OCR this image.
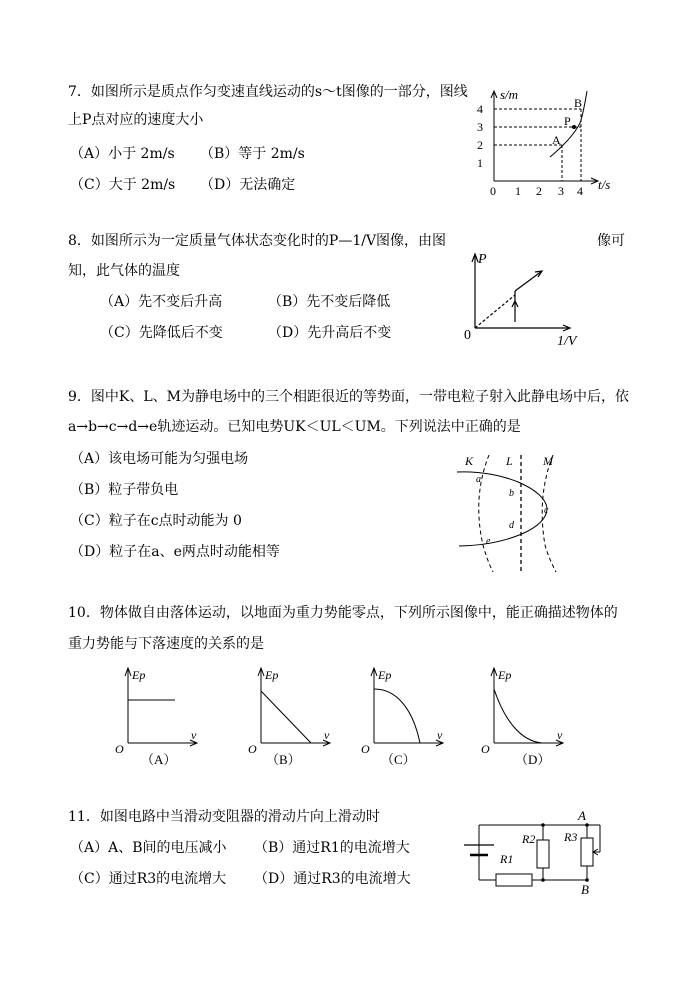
7．如图所示是质点作匀变速直线运动的s～t图像的一部分，图线
上P点对应的速度大小
（A）小于 2m/s （B）等于 2m/s
（C）大于 2m/s （D）无法确定
4
3
2
1
0 1 2 3 4
s/m
t/s
A
P
B
8．如图所示为一定质量气体状态变化时的P—1/V图像，由图	像可
知，此气体的温度
（A）先不变后升高	（B）先不变后降低
（C）先降低后不变	（D）先升高后不变
P
0	1/V
9．图中K、L、M为静电场中的三个相距很近的等势面，一带电粒子射入此静电场中后，依
a→b→c→d→e轨迹运动。已知电势UK＜UL＜UM。下列说法中正确的是
（A）该电场可能为匀强电场
（B）粒子带负电
（C）粒子在c点时动能为 0
（D）粒子在a、e两点时动能相等
K	L	M
a
b
c
d
e
10．物体做自由落体运动，以地面为重力势能零点，下列所示图像中，能正确描述物体的
重力势能与下落速度的关系的是
Ep
O
v
（A）
Ep
O
v
（B）
Ep
O
v
（C）
Ep
O
v
（D）
11．如图电路中当滑动变阻器的滑动片向上滑动时
（A）A、B间的电压减小 （B）通过R1的电流增大
（C）通过R3的电流增大 （D）通过R3的电流增大
A
B
R1
R2 R3
